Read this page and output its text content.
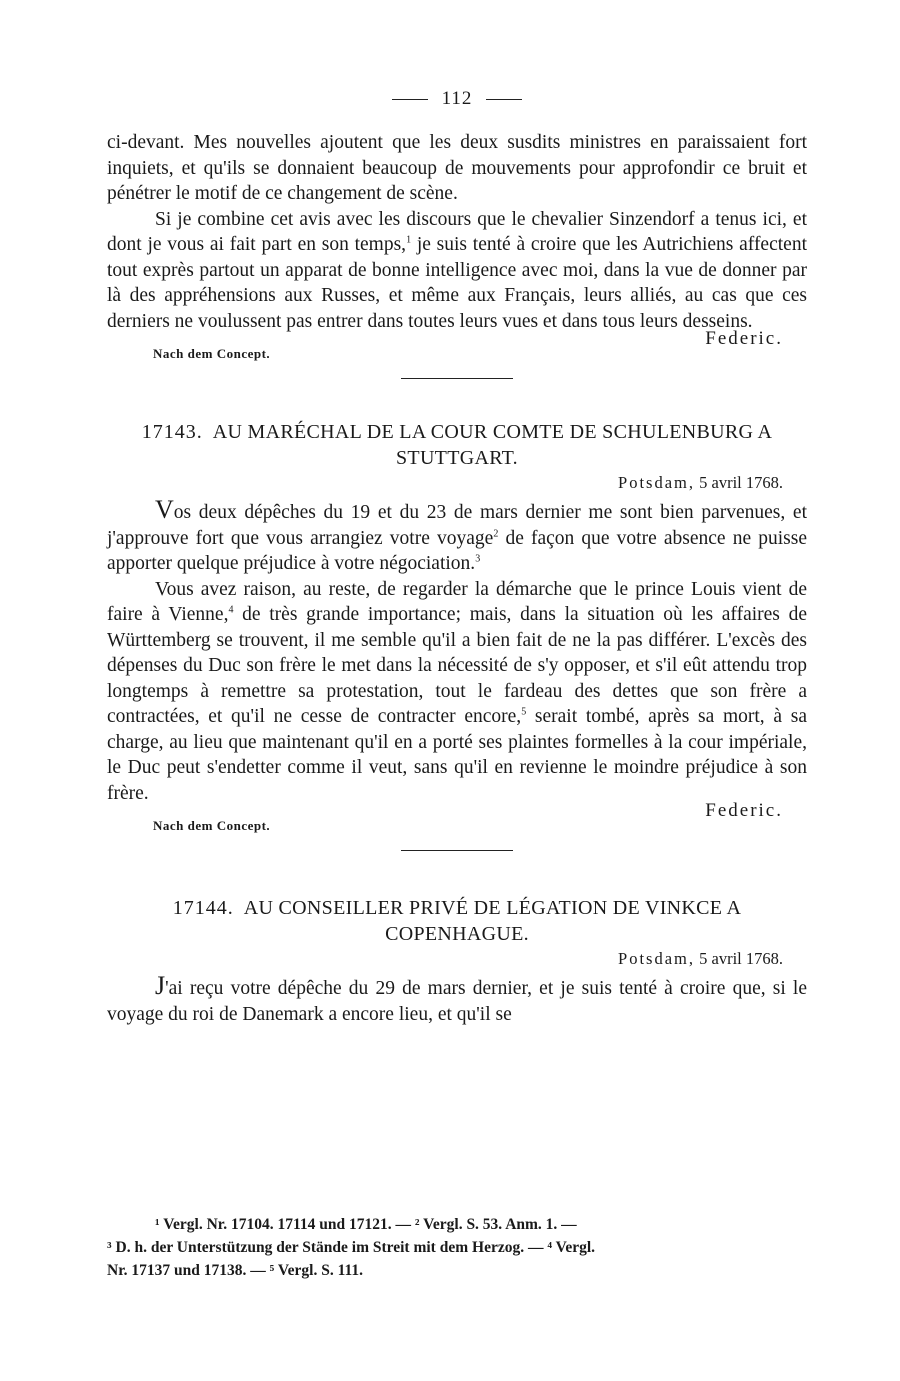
112

ci-devant. Mes nouvelles ajoutent que les deux susdits ministres en paraissaient fort inquiets, et qu'ils se donnaient beaucoup de mouvements pour approfondir ce bruit et pénétrer le motif de ce changement de scène.

Si je combine cet avis avec les discours que le chevalier Sinzendorf a tenus ici, et dont je vous ai fait part en son temps,$^1$ je suis tenté à croire que les Autrichiens affectent tout exprès partout un apparat de bonne intelligence avec moi, dans la vue de donner par là des appréhensions aux Russes, et même aux Français, leurs alliés, au cas que ces derniers ne voulussent pas entrer dans toutes leurs vues et dans tous leurs desseins.

Federic.
Nach dem Concept.

17143. AU MARÉCHAL DE LA COUR COMTE DE SCHULENBURG A STUTTGART.

Potsdam, 5 avril 1768.

Vos deux dépêches du 19 et du 23 de mars dernier me sont bien parvenues, et j'approuve fort que vous arrangiez votre voyage$^2$ de façon que votre absence ne puisse apporter quelque préjudice à votre négociation.$^3$

Vous avez raison, au reste, de regarder la démarche que le prince Louis vient de faire à Vienne,$^4$ de très grande importance; mais, dans la situation où les affaires de Württemberg se trouvent, il me semble qu'il a bien fait de ne la pas différer. L'excès des dépenses du Duc son frère le met dans la nécessité de s'y opposer, et s'il eût attendu trop longtemps à remettre sa protestation, tout le fardeau des dettes que son frère a contractées, et qu'il ne cesse de contracter encore,$^5$ serait tombé, après sa mort, à sa charge, au lieu que maintenant qu'il en a porté ses plaintes formelles à la cour impériale, le Duc peut s'endetter comme il veut, sans qu'il en revienne le moindre préjudice à son frère.

Federic.
Nach dem Concept.

17144. AU CONSEILLER PRIVÉ DE LÉGATION DE VINKCE A COPENHAGUE.

Potsdam, 5 avril 1768.

J'ai reçu votre dépêche du 29 de mars dernier, et je suis tenté à croire que, si le voyage du roi de Danemark a encore lieu, et qu'il se

¹ Vergl. Nr. 17104. 17114 und 17121. — ² Vergl. S. 53. Anm. 1. —

³ D. h. der Unterstützung der Stände im Streit mit dem Herzog. — ⁴ Vergl.

Nr. 17137 und 17138. — ⁵ Vergl. S. 111.
